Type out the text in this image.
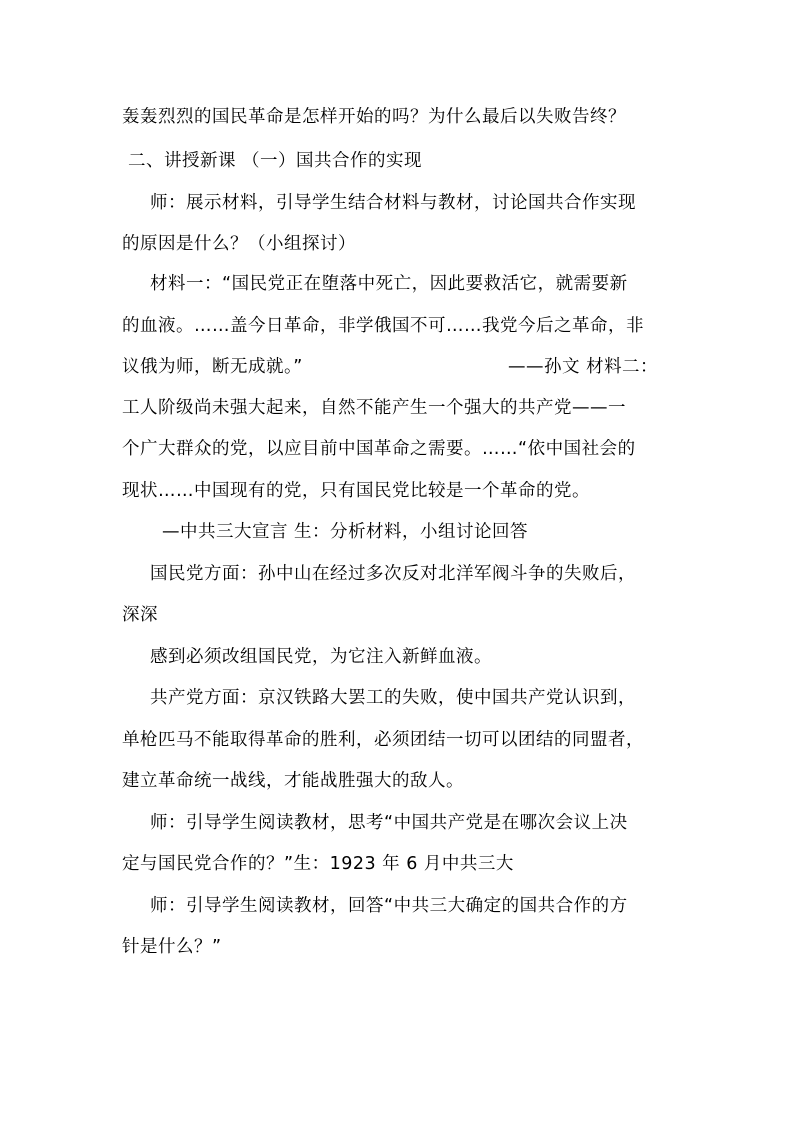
轰轰烈烈的国民革命是怎样开始的吗？为什么最后以失败告终？
二、讲授新课 （一）国共合作的实现
师：展示材料，引导学生结合材料与教材，讨论国共合作实现
的原因是什么？（小组探讨）
材料一：“国民党正在堕落中死亡，因此要救活它，就需要新
的血液。……盖今日革命，非学俄国不可……我党今后之革命，非
议俄为师，断无成就。”	——孙文 材料二：
工人阶级尚未强大起来，自然不能产生一个强大的共产党——一
个广大群众的党，以应目前中国革命之需要。……“依中国社会的
现状……中国现有的党，只有国民党比较是一个革命的党。
—中共三大宣言 生：分析材料，小组讨论回答
国民党方面：孙中山在经过多次反对北洋军阀斗争的失败后，
深深
感到必须改组国民党，为它注入新鲜血液。
共产党方面：京汉铁路大罢工的失败，使中国共产党认识到，
单枪匹马不能取得革命的胜利，必须团结一切可以团结的同盟者，
建立革命统一战线，才能战胜强大的敌人。
师：引导学生阅读教材，思考“中国共产党是在哪次会议上决
定与国民党合作的？”生：1923 年 6 月中共三大
师：引导学生阅读教材，回答“中共三大确定的国共合作的方
针是什么？”
